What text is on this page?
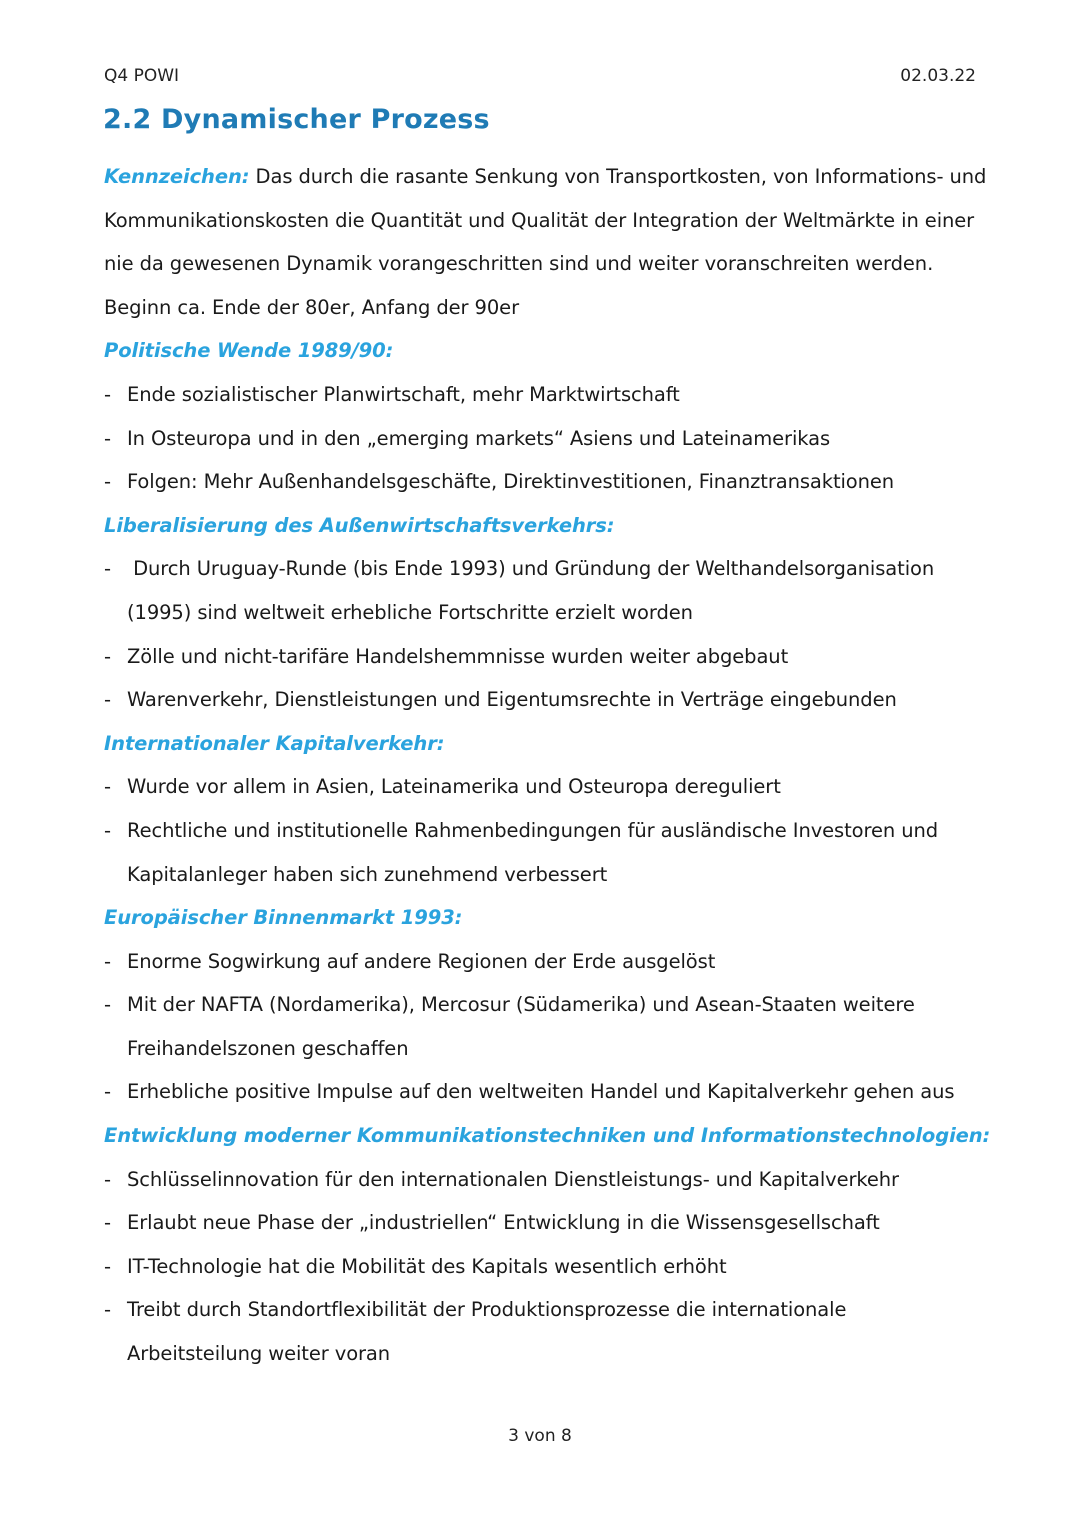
Q4 POWI	02.03.22
2.2 Dynamischer Prozess
Kennzeichen: Das durch die rasante Senkung von Transportkosten, von Informations- und
Kommunikationskosten die Quantität und Qualität der Integration der Weltmärkte in einer
nie da gewesenen Dynamik vorangeschritten sind und weiter voranschreiten werden.
Beginn ca. Ende der 80er, Anfang der 90er
Politische Wende 1989/90:
- Ende sozialistischer Planwirtschaft, mehr Marktwirtschaft
- In Osteuropa und in den „emerging markets“ Asiens und Lateinamerikas
- Folgen: Mehr Außenhandelsgeschäfte, Direktinvestitionen, Finanztransaktionen
Liberalisierung des Außenwirtschaftsverkehrs:
- Durch Uruguay-Runde (bis Ende 1993) und Gründung der Welthandelsorganisation
(1995) sind weltweit erhebliche Fortschritte erzielt worden
- Zölle und nicht-tarifäre Handelshemmnisse wurden weiter abgebaut
- Warenverkehr, Dienstleistungen und Eigentumsrechte in Verträge eingebunden
Internationaler Kapitalverkehr:
- Wurde vor allem in Asien, Lateinamerika und Osteuropa dereguliert
- Rechtliche und institutionelle Rahmenbedingungen für ausländische Investoren und
Kapitalanleger haben sich zunehmend verbessert
Europäischer Binnenmarkt 1993:
- Enorme Sogwirkung auf andere Regionen der Erde ausgelöst
- Mit der NAFTA (Nordamerika), Mercosur (Südamerika) und Asean-Staaten weitere
Freihandelszonen geschaffen
- Erhebliche positive Impulse auf den weltweiten Handel und Kapitalverkehr gehen aus
Entwicklung moderner Kommunikationstechniken und Informationstechnologien:
- Schlüsselinnovation für den internationalen Dienstleistungs- und Kapitalverkehr
- Erlaubt neue Phase der „industriellen“ Entwicklung in die Wissensgesellschaft
- IT-Technologie hat die Mobilität des Kapitals wesentlich erhöht
- Treibt durch Standortflexibilität der Produktionsprozesse die internationale
Arbeitsteilung weiter voran
3 von 8
